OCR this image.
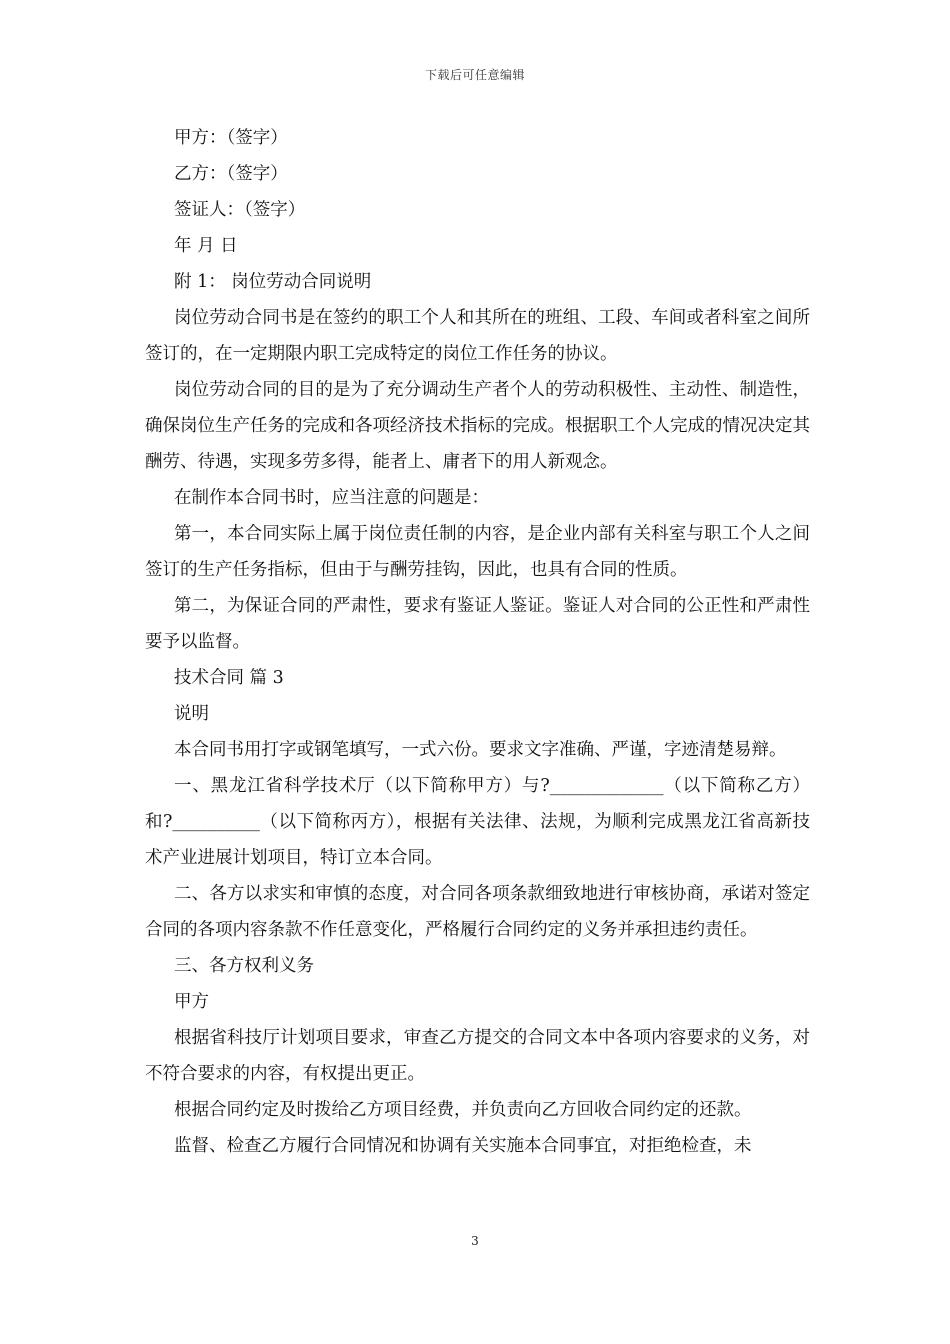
下载后可任意编辑

甲方：（签字）

乙方：（签字）

签证人：（签字）

年 月 日

附 1： 岗位劳动合同说明

岗位劳动合同书是在签约的职工个人和其所在的班组、工段、车间或者科室之间所签订的，在一定期限内职工完成特定的岗位工作任务的协议。

岗位劳动合同的目的是为了充分调动生产者个人的劳动积极性、主动性、制造性，确保岗位生产任务的完成和各项经济技术指标的完成。根据职工个人完成的情况决定其酬劳、待遇，实现多劳多得，能者上、庸者下的用人新观念。

在制作本合同书时，应当注意的问题是：

第一，本合同实际上属于岗位责任制的内容，是企业内部有关科室与职工个人之间签订的生产任务指标，但由于与酬劳挂钩，因此，也具有合同的性质。

第二，为保证合同的严肃性，要求有鉴证人鉴证。鉴证人对合同的公正性和严肃性要予以监督。

技术合同 篇 3

说明

本合同书用打字或钢笔填写，一式六份。要求文字准确、严谨，字迹清楚易辩。

一、黑龙江省科学技术厅（以下简称甲方）与?_____________（以下简称乙方）和?__________（以下简称丙方），根据有关法律、法规，为顺利完成黑龙江省高新技术产业进展计划项目，特订立本合同。

二、各方以求实和审慎的态度，对合同各项条款细致地进行审核协商，承诺对签定合同的各项内容条款不作任意变化，严格履行合同约定的义务并承担违约责任。

三、各方权利义务

甲方

根据省科技厅计划项目要求，审查乙方提交的合同文本中各项内容要求的义务，对不符合要求的内容，有权提出更正。

根据合同约定及时拨给乙方项目经费，并负责向乙方回收合同约定的还款。

监督、检查乙方履行合同情况和协调有关实施本合同事宜，对拒绝检查，未

3
